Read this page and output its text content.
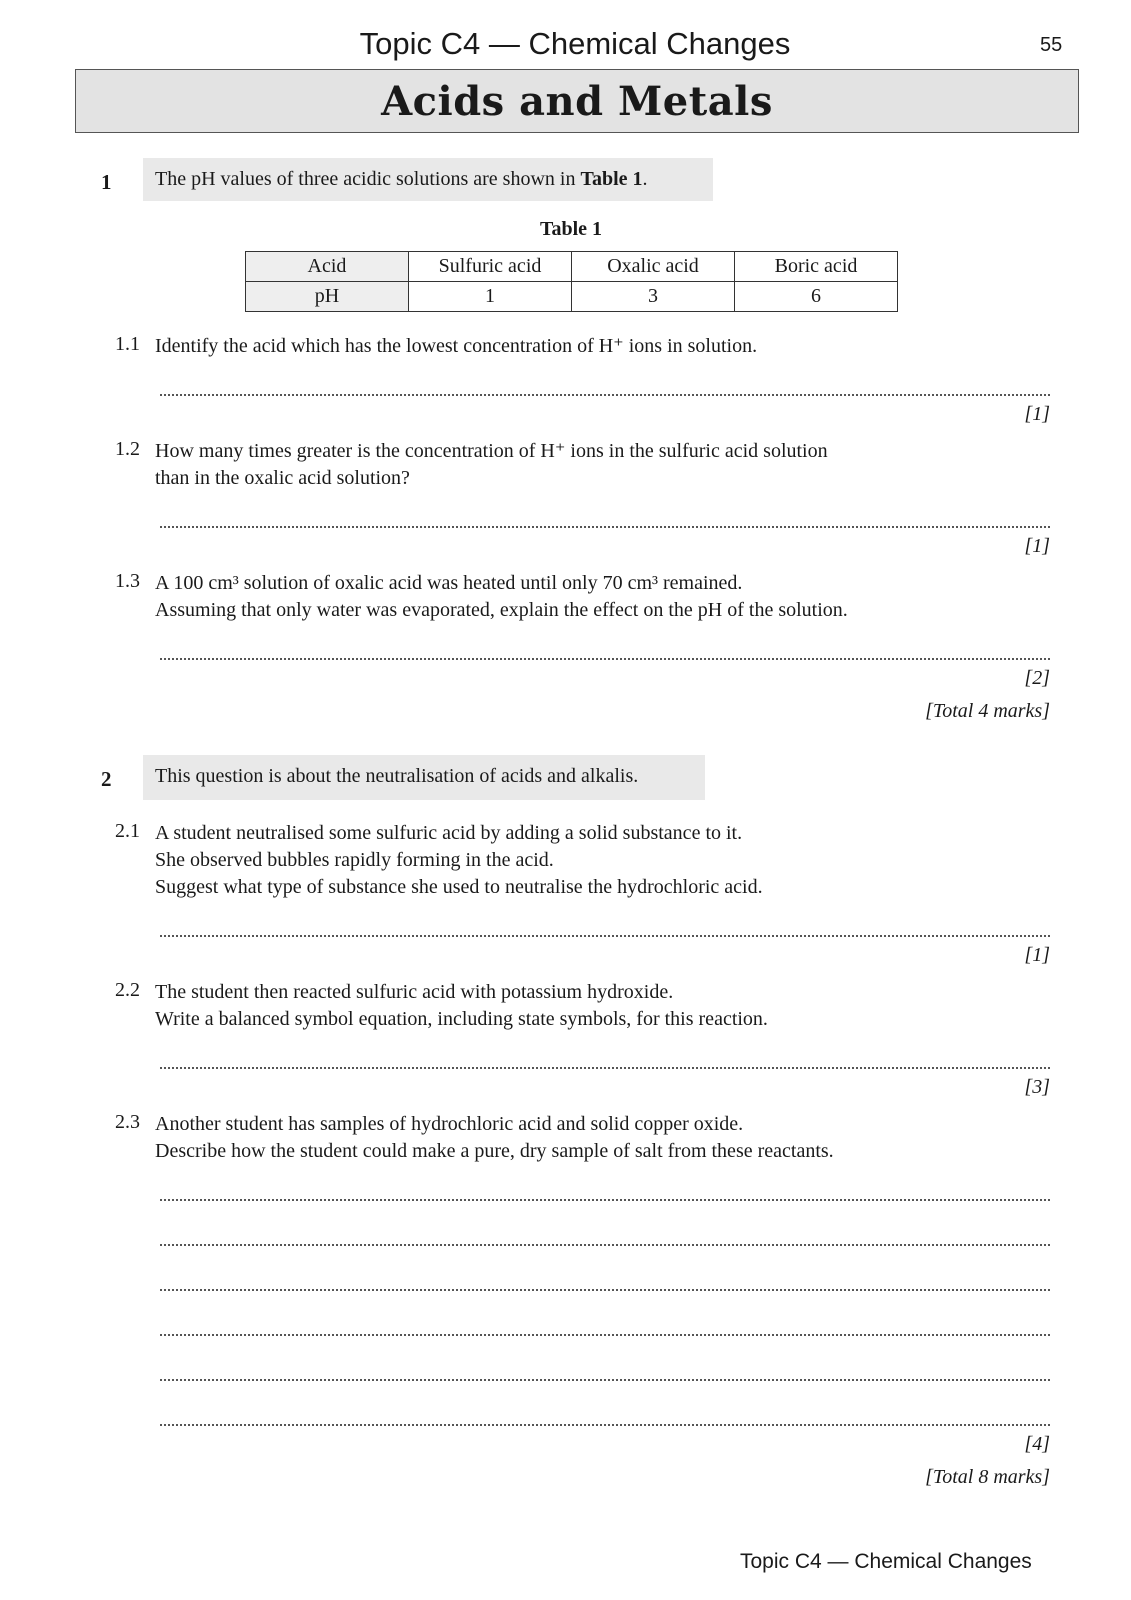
Topic C4 — Chemical Changes	55
Acids and Metals
1	The pH values of three acidic solutions are shown in Table 1.
Table 1
Acid	Sulfuric acid	Oxalic acid	Boric acid
pH	1	3	6
1.1 Identify the acid which has the lowest concentration of H⁺ ions in solution.
[1]
1.2 How many times greater is the concentration of H⁺ ions in the sulfuric acid solution
than in the oxalic acid solution?
[1]
1.3 A 100 cm³ solution of oxalic acid was heated until only 70 cm³ remained.
Assuming that only water was evaporated, explain the effect on the pH of the solution.
[2]
[Total 4 marks]
2	This question is about the neutralisation of acids and alkalis.
2.1 A student neutralised some sulfuric acid by adding a solid substance to it.
She observed bubbles rapidly forming in the acid.
Suggest what type of substance she used to neutralise the hydrochloric acid.
[1]
2.2 The student then reacted sulfuric acid with potassium hydroxide.
Write a balanced symbol equation, including state symbols, for this reaction.
[3]
2.3 Another student has samples of hydrochloric acid and solid copper oxide.
Describe how the student could make a pure, dry sample of salt from these reactants.
[4]
[Total 8 marks]
Topic C4 — Chemical Changes
